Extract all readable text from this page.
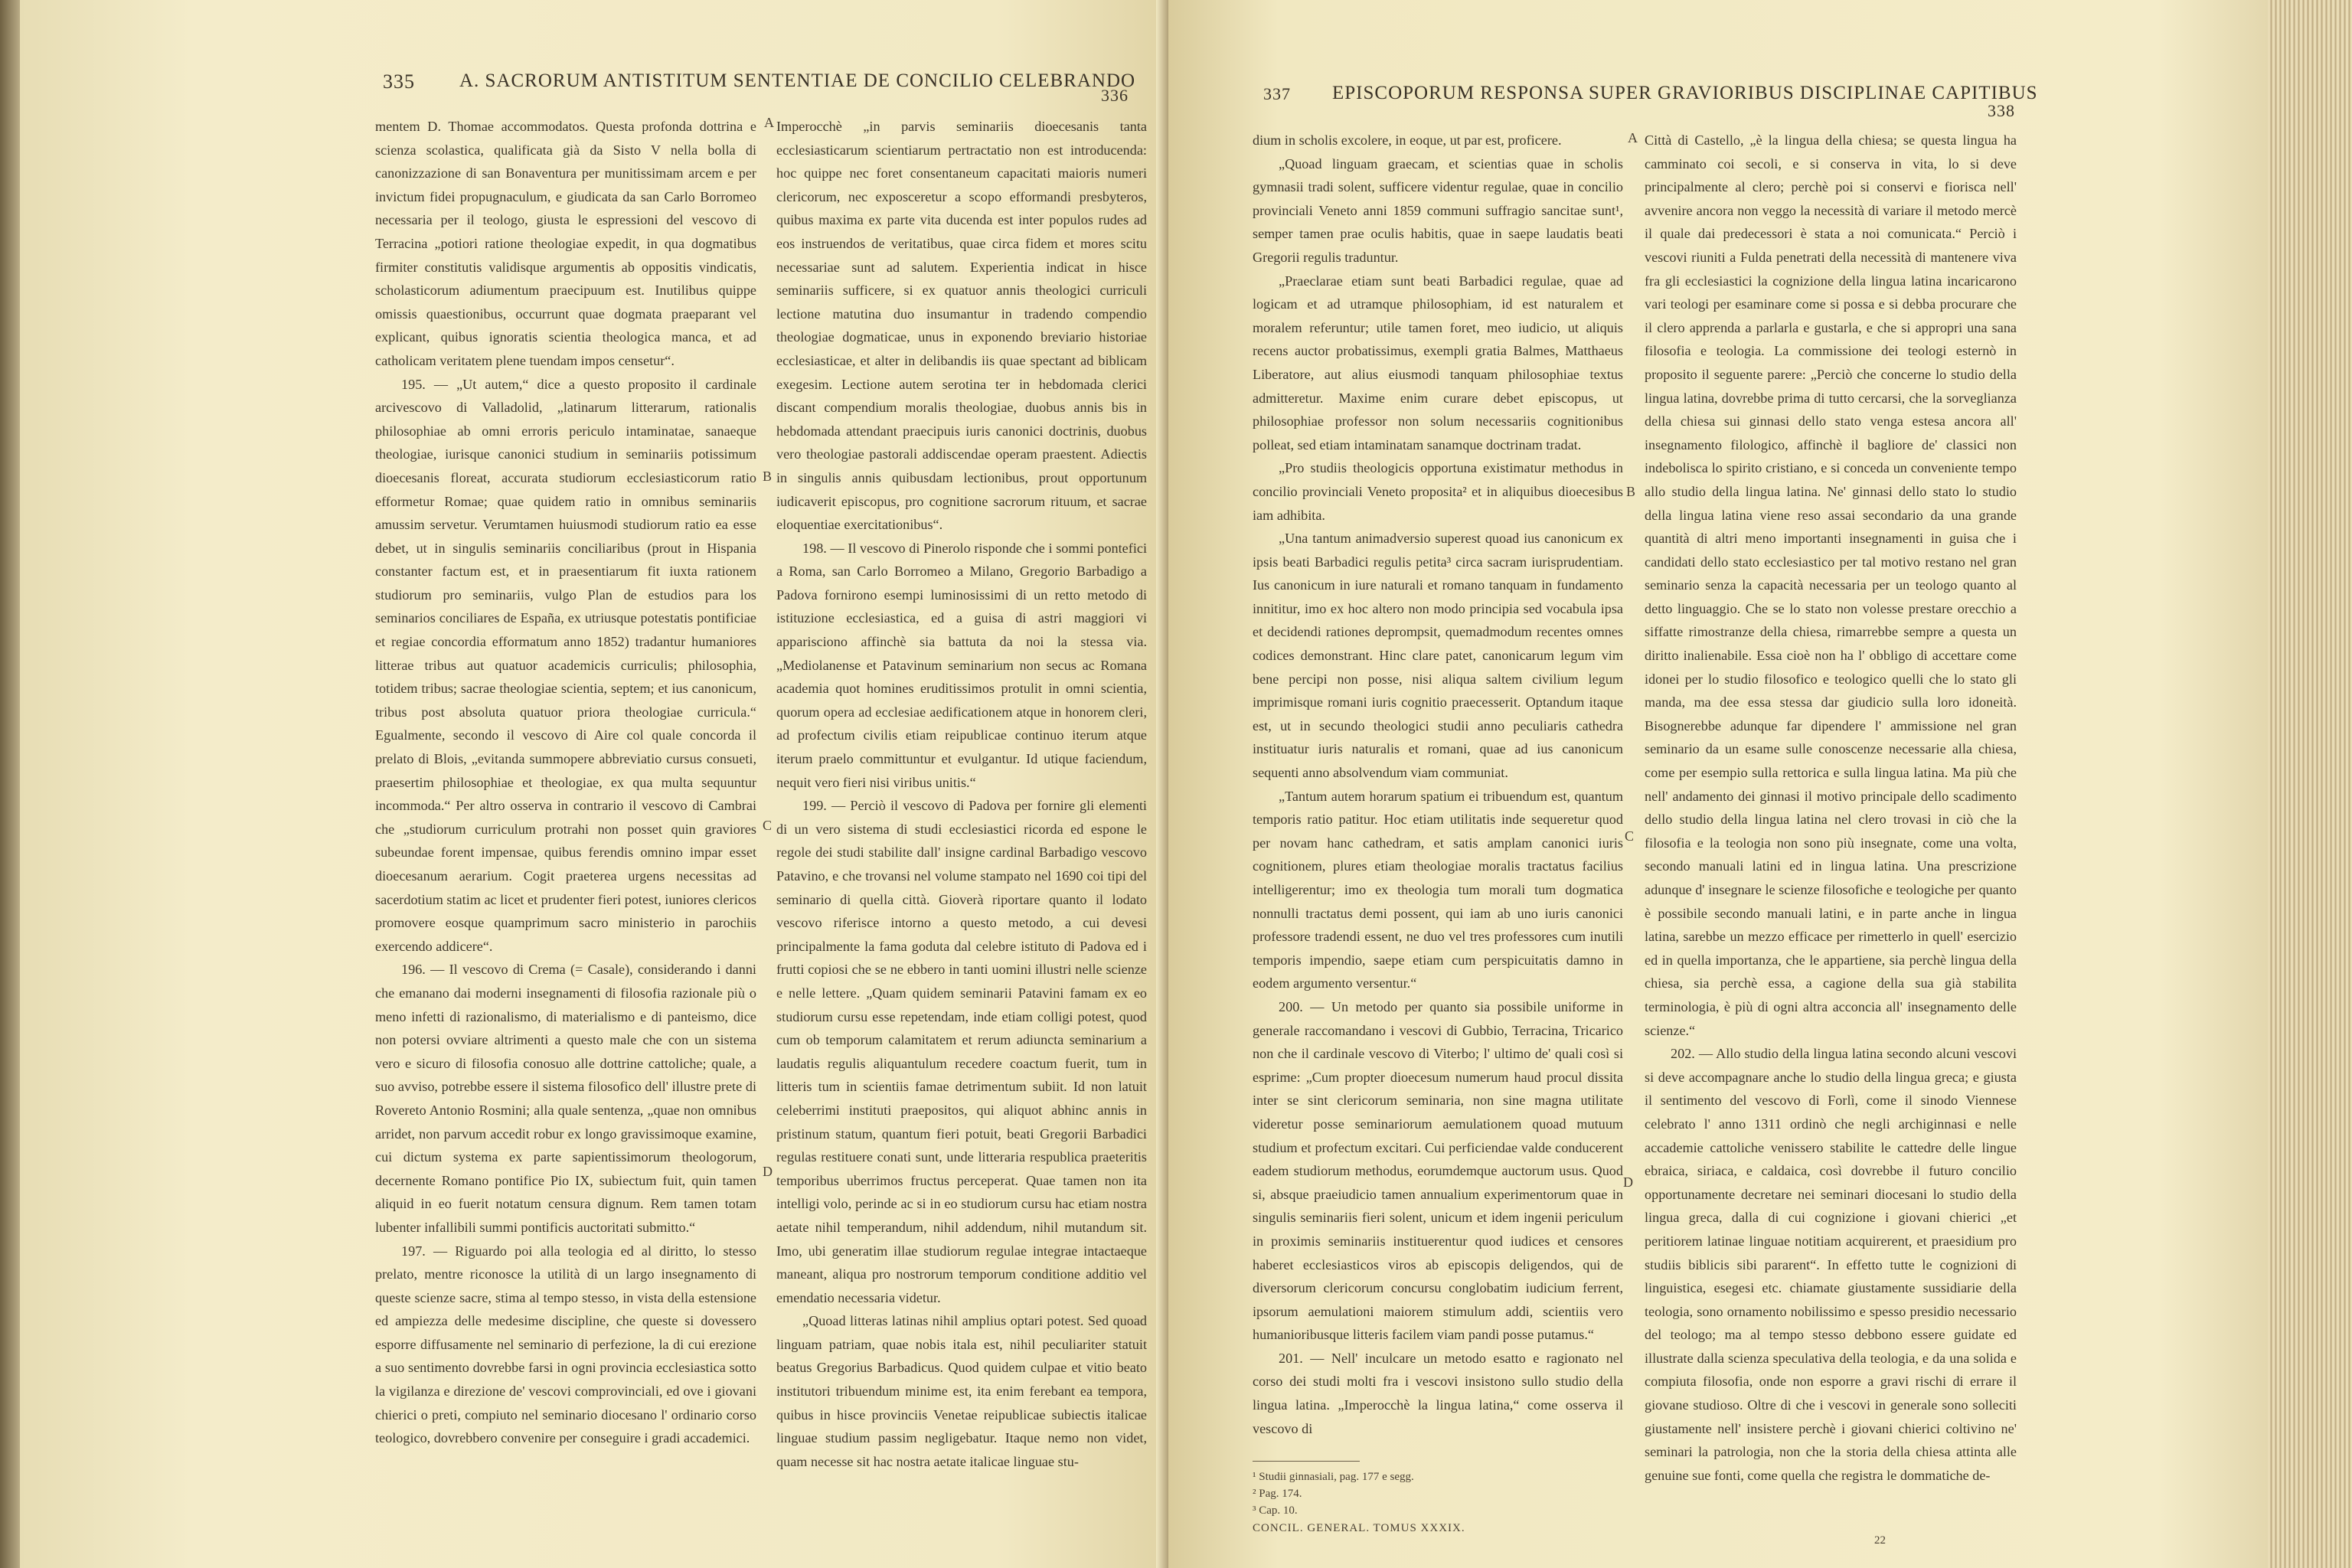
335 A. SACRORUM ANTISTITUM SENTENTIAE DE CONCILIO CELEBRANDO
336

mentem D. Thomae accommodatos. Questa profonda dottrina e scienza scolastica, qualificata già da Sisto V nella bolla di canonizzazione di san Bonaventura per munitissimam arcem e per invictum fidei propugnaculum, e giudicata da san Carlo Borromeo necessaria per il teologo, giusta le espressioni del vescovo di Terracina „potiori ratione theologiae expedit, in qua dogmatibus firmiter constitutis validisque argumentis ab oppositis vindicatis, scholasticorum adiumentum praecipuum est. Inutilibus quippe omissis quaestionibus, occurrunt quae dogmata praeparant vel explicant, quibus ignoratis scientia theologica manca, et ad catholicam veritatem plene tuendam impos censetur“.

195. — „Ut autem,“ dice a questo proposito il cardinale arcivescovo di Valladolid, „latinarum litterarum, rationalis philosophiae ab omni erroris periculo intaminatae, sanaeque theologiae, iurisque canonici studium in seminariis potissimum dioecesanis floreat, accurata studiorum ecclesiasticorum ratio efformetur Romae; quae quidem ratio in omnibus seminariis amussim servetur. Verumtamen huiusmodi studiorum ratio ea esse debet, ut in singulis seminariis conciliaribus (prout in Hispania constanter factum est, et in praesentiarum fit iuxta rationem studiorum pro seminariis, vulgo Plan de estudios para los seminarios conciliares de España, ex utriusque potestatis pontificiae et regiae concordia efformatum anno 1852) tradantur humaniores litterae tribus aut quatuor academicis curriculis; philosophia, totidem tribus; sacrae theologiae scientia, septem; et ius canonicum, tribus post absoluta quatuor priora theologiae curricula.“ Egualmente, secondo il vescovo di Aire col quale concorda il prelato di Blois, „evitanda summopere abbreviatio cursus consueti, praesertim philosophiae et theologiae, ex qua multa sequuntur incommoda.“ Per altro osserva in contrario il vescovo di Cambrai che „studiorum curriculum protrahi non posset quin graviores subeundae forent impensae, quibus ferendis omnino impar esset dioecesanum aerarium. Cogit praeterea urgens necessitas ad sacerdotium statim ac licet et prudenter fieri potest, iuniores clericos promovere eosque quamprimum sacro ministerio in parochiis exercendo addicere“.

196. — Il vescovo di Crema (= Casale), considerando i danni che emanano dai moderni insegnamenti di filosofia razionale più o meno infetti di razionalismo, di materialismo e di panteismo, dice non potersi ovviare altrimenti a questo male che con un sistema vero e sicuro di filosofia conosuo alle dottrine cattoliche; quale, a suo avviso, potrebbe essere il sistema filosofico dell' illustre prete di Rovereto Antonio Rosmini; alla quale sentenza, „quae non omnibus arridet, non parvum accedit robur ex longo gravissimoque examine, cui dictum systema ex parte sapientissimorum theologorum, decernente Romano pontifice Pio IX, subiectum fuit, quin tamen aliquid in eo fuerit notatum censura dignum. Rem tamen totam lubenter infallibili summi pontificis auctoritati submitto.“

197. — Riguardo poi alla teologia ed al diritto, lo stesso prelato, mentre riconosce la utilità di un largo insegnamento di queste scienze sacre, stima al tempo stesso, in vista della estensione ed ampiezza delle medesime discipline, che queste si dovessero esporre diffusamente nel seminario di perfezione, la di cui erezione a suo sentimento dovrebbe farsi in ogni provincia ecclesiastica sotto la vigilanza e direzione de' vescovi comprovinciali, ed ove i giovani chierici o preti, compiuto nel seminario diocesano l' ordinario corso teologico, dovrebbero convenire per conseguire i gradi accademici.

A
B
C
D

Imperocchè „in parvis seminariis dioecesanis tanta ecclesiasticarum scientiarum pertractatio non est introducenda: hoc quippe nec foret consentaneum capacitati maioris numeri clericorum, nec exposceretur a scopo efformandi presbyteros, quibus maxima ex parte vita ducenda est inter populos rudes ad eos instruendos de veritatibus, quae circa fidem et mores scitu necessariae sunt ad salutem. Experientia indicat in hisce seminariis sufficere, si ex quatuor annis theologici curriculi lectione matutina duo insumantur in tradendo compendio theologiae dogmaticae, unus in exponendo breviario historiae ecclesiasticae, et alter in delibandis iis quae spectant ad biblicam exegesim. Lectione autem serotina ter in hebdomada clerici discant compendium moralis theologiae, duobus annis bis in hebdomada attendant praecipuis iuris canonici doctrinis, duobus vero theologiae pastorali addiscendae operam praestent. Adiectis in singulis annis quibusdam lectionibus, prout opportunum iudicaverit episcopus, pro cognitione sacrorum rituum, et sacrae eloquentiae exercitationibus“.

198. — Il vescovo di Pinerolo risponde che i sommi pontefici a Roma, san Carlo Borromeo a Milano, Gregorio Barbadigo a Padova fornirono esempi luminosissimi di un retto metodo di istituzione ecclesiastica, ed a guisa di astri maggiori vi apparisciono affinchè sia battuta da noi la stessa via. „Mediolanense et Patavinum seminarium non secus ac Romana academia quot homines eruditissimos protulit in omni scientia, quorum opera ad ecclesiae aedificationem atque in honorem cleri, ad profectum civilis etiam reipublicae continuo iterum atque iterum praelo committuntur et evulgantur. Id utique faciendum, nequit vero fieri nisi viribus unitis.“

199. — Perciò il vescovo di Padova per fornire gli elementi di un vero sistema di studi ecclesiastici ricorda ed espone le regole dei studi stabilite dall' insigne cardinal Barbadigo vescovo Patavino, e che trovansi nel volume stampato nel 1690 coi tipi del seminario di quella città. Gioverà riportare quanto il lodato vescovo riferisce intorno a questo metodo, a cui devesi principalmente la fama goduta dal celebre istituto di Padova ed i frutti copiosi che se ne ebbero in tanti uomini illustri nelle scienze e nelle lettere. „Quam quidem seminarii Patavini famam ex eo studiorum cursu esse repetendam, inde etiam colligi potest, quod cum ob temporum calamitatem et rerum adiuncta seminarium a laudatis regulis aliquantulum recedere coactum fuerit, tum in litteris tum in scientiis famae detrimentum subiit. Id non latuit celeberrimi instituti praepositos, qui aliquot abhinc annis in pristinum statum, quantum fieri potuit, beati Gregorii Barbadici regulas restituere conati sunt, unde litteraria respublica praeteritis temporibus uberrimos fructus perceperat. Quae tamen non ita intelligi volo, perinde ac si in eo studiorum cursu hac etiam nostra aetate nihil temperandum, nihil addendum, nihil mutandum sit. Imo, ubi generatim illae studiorum regulae integrae intactaeque maneant, aliqua pro nostrorum temporum conditione additio vel emendatio necessaria videtur.

„Quoad litteras latinas nihil amplius optari potest. Sed quoad linguam patriam, quae nobis itala est, nihil peculiariter statuit beatus Gregorius Barbadicus. Quod quidem culpae et vitio beato institutori tribuendum minime est, ita enim ferebant ea tempora, quibus in hisce provinciis Venetae reipublicae subiectis italicae linguae studium passim negligebatur. Itaque nemo non videt, quam necesse sit hac nostra aetate italicae linguae stu-

337 EPISCOPORUM RESPONSA SUPER GRAVIORIBUS DISCIPLINAE CAPITIBUS
338

dium in scholis excolere, in eoque, ut par est, proficere.

„Quoad linguam graecam, et scientias quae in scholis gymnasii tradi solent, sufficere videntur regulae, quae in concilio provinciali Veneto anni 1859 communi suffragio sancitae sunt¹, semper tamen prae oculis habitis, quae in saepe laudatis beati Gregorii regulis traduntur.

„Praeclarae etiam sunt beati Barbadici regulae, quae ad logicam et ad utramque philosophiam, id est naturalem et moralem referuntur; utile tamen foret, meo iudicio, ut aliquis recens auctor probatissimus, exempli gratia Balmes, Matthaeus Liberatore, aut alius eiusmodi tanquam philosophiae textus admitteretur. Maxime enim curare debet episcopus, ut philosophiae professor non solum necessariis cognitionibus polleat, sed etiam intaminatam sanamque doctrinam tradat.

„Pro studiis theologicis opportuna existimatur methodus in concilio provinciali Veneto proposita² et in aliquibus dioecesibus iam adhibita.

„Una tantum animadversio superest quoad ius canonicum ex ipsis beati Barbadici regulis petita³ circa sacram iurisprudentiam. Ius canonicum in iure naturali et romano tanquam in fundamento innititur, imo ex hoc altero non modo principia sed vocabula ipsa et decidendi rationes deprompsit, quemadmodum recentes omnes codices demonstrant. Hinc clare patet, canonicarum legum vim bene percipi non posse, nisi aliqua saltem civilium legum imprimisque romani iuris cognitio praecesserit. Optandum itaque est, ut in secundo theologici studii anno peculiaris cathedra instituatur iuris naturalis et romani, quae ad ius canonicum sequenti anno absolvendum viam communiat.

„Tantum autem horarum spatium ei tribuendum est, quantum temporis ratio patitur. Hoc etiam utilitatis inde sequeretur quod per novam hanc cathedram, et satis amplam canonici iuris cognitionem, plures etiam theologiae moralis tractatus facilius intelligerentur; imo ex theologia tum morali tum dogmatica nonnulli tractatus demi possent, qui iam ab uno iuris canonici professore tradendi essent, ne duo vel tres professores cum inutili temporis impendio, saepe etiam cum perspicuitatis damno in eodem argumento versentur.“

200. — Un metodo per quanto sia possibile uniforme in generale raccomandano i vescovi di Gubbio, Terracina, Tricarico non che il cardinale vescovo di Viterbo; l' ultimo de' quali così si esprime: „Cum propter dioecesum numerum haud procul dissita inter se sint clericorum seminaria, non sine magna utilitate videretur posse seminariorum aemulationem quoad mutuum studium et profectum excitari. Cui perficiendae valde conducerent eadem studiorum methodus, eorumdemque auctorum usus. Quod si, absque praeiudicio tamen annualium experimentorum quae in singulis seminariis fieri solent, unicum et idem ingenii periculum in proximis seminariis instituerentur quod iudices et censores haberet ecclesiasticos viros ab episcopis deligendos, qui de diversorum clericorum concursu conglobatim iudicium ferrent, ipsorum aemulationi maiorem stimulum addi, scientiis vero humanioribusque litteris facilem viam pandi posse putamus.“

201. — Nell' inculcare un metodo esatto e ragionato nel corso dei studi molti fra i vescovi insistono sullo studio della lingua latina. „Imperocchè la lingua latina,“ come osserva il vescovo di

A
B
C
D

Città di Castello, „è la lingua della chiesa; se questa lingua ha camminato coi secoli, e si conserva in vita, lo si deve principalmente al clero; perchè poi si conservi e fiorisca nell' avvenire ancora non veggo la necessità di variare il metodo mercè il quale dai predecessori è stata a noi comunicata.“ Perciò i vescovi riuniti a Fulda penetrati della necessità di mantenere viva fra gli ecclesiastici la cognizione della lingua latina incaricarono vari teologi per esaminare come si possa e si debba procurare che il clero apprenda a parlarla e gustarla, e che si appropri una sana filosofia e teologia. La commissione dei teologi esternò in proposito il seguente parere: „Perciò che concerne lo studio della lingua latina, dovrebbe prima di tutto cercarsi, che la sorveglianza della chiesa sui ginnasi dello stato venga estesa ancora all' insegnamento filologico, affinchè il bagliore de' classici non indebolisca lo spirito cristiano, e si conceda un conveniente tempo allo studio della lingua latina. Ne' ginnasi dello stato lo studio della lingua latina viene reso assai secondario da una grande quantità di altri meno importanti insegnamenti in guisa che i candidati dello stato ecclesiastico per tal motivo restano nel gran seminario senza la capacità necessaria per un teologo quanto al detto linguaggio. Che se lo stato non volesse prestare orecchio a siffatte rimostranze della chiesa, rimarrebbe sempre a questa un diritto inalienabile. Essa cioè non ha l' obbligo di accettare come idonei per lo studio filosofico e teologico quelli che lo stato gli manda, ma dee essa stessa dar giudicio sulla loro idoneità. Bisognerebbe adunque far dipendere l' ammissione nel gran seminario da un esame sulle conoscenze necessarie alla chiesa, come per esempio sulla rettorica e sulla lingua latina. Ma più che nell' andamento dei ginnasi il motivo principale dello scadimento dello studio della lingua latina nel clero trovasi in ciò che la filosofia e la teologia non sono più insegnate, come una volta, secondo manuali latini ed in lingua latina. Una prescrizione adunque d' insegnare le scienze filosofiche e teologiche per quanto è possibile secondo manuali latini, e in parte anche in lingua latina, sarebbe un mezzo efficace per rimetterlo in quell' esercizio ed in quella importanza, che le appartiene, sia perchè lingua della chiesa, sia perchè essa, a cagione della sua già stabilita terminologia, è più di ogni altra acconcia all' insegnamento delle scienze.“

202. — Allo studio della lingua latina secondo alcuni vescovi si deve accompagnare anche lo studio della lingua greca; e giusta il sentimento del vescovo di Forlì, come il sinodo Viennese celebrato l' anno 1311 ordinò che negli archiginnasi e nelle accademie cattoliche venissero stabilite le cattedre delle lingue ebraica, siriaca, e caldaica, così dovrebbe il futuro concilio opportunamente decretare nei seminari diocesani lo studio della lingua greca, dalla di cui cognizione i giovani chierici „et peritiorem latinae linguae notitiam acquirerent, et praesidium pro studiis biblicis sibi pararent“. In effetto tutte le cognizioni di linguistica, esegesi etc. chiamate giustamente sussidiarie della teologia, sono ornamento nobilissimo e spesso presidio necessario del teologo; ma al tempo stesso debbono essere guidate ed illustrate dalla scienza speculativa della teologia, e da una solida e compiuta filosofia, onde non esporre a gravi rischi di errare il giovane studioso. Oltre di che i vescovi in generale sono solleciti giustamente nell' insistere perchè i giovani chierici coltivino ne' seminari la patrologia, non che la storia della chiesa attinta alle genuine sue fonti, come quella che registra le dommatiche de-

¹ Studii ginnasiali, pag. 177 e segg.
² Pag. 174.
³ Cap. 10.
CONCIL. GENERAL. TOMUS XXXIX.
22
